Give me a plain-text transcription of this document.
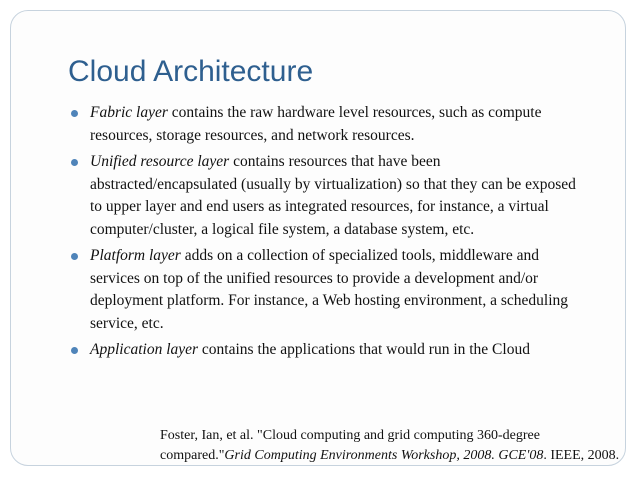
Cloud Architecture
Fabric layer contains the raw hardware level resources, such as compute resources, storage resources, and network resources.
Unified resource layer contains resources that have been abstracted/encapsulated (usually by virtualization) so that they can be exposed to upper layer and end users as integrated resources, for instance, a virtual computer/cluster, a logical file system, a database system, etc.
Platform layer adds on a collection of specialized tools, middleware and services on top of the unified resources to provide a development and/or deployment platform. For instance, a Web hosting environment, a scheduling service, etc.
Application layer contains the applications that would run in the Cloud
Foster, Ian, et al. "Cloud computing and grid computing 360-degree
compared."Grid Computing Environments Workshop, 2008. GCE'08. IEEE, 2008.
